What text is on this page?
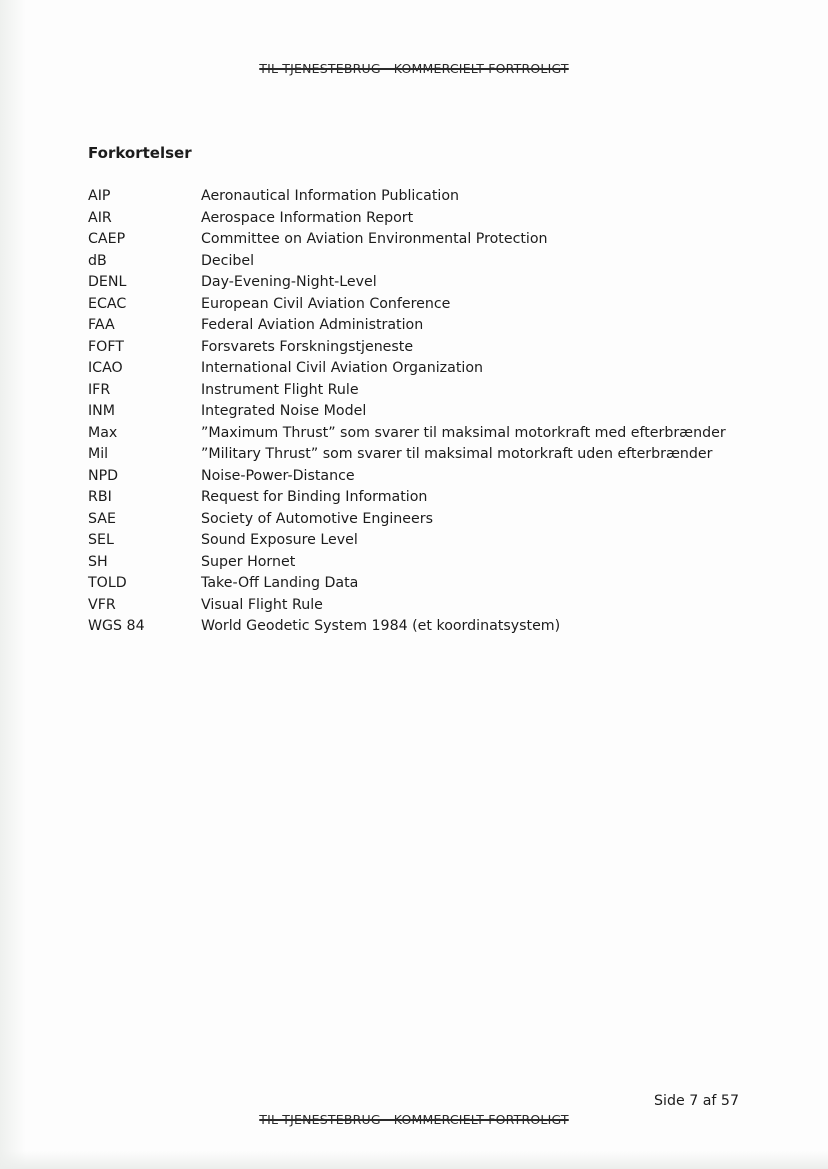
TIL TJENESTEBRUG - KOMMERCIELT FORTROLIGT
Forkortelser
AIP	Aeronautical Information Publication
AIR	Aerospace Information Report
CAEP	Committee on Aviation Environmental Protection
dB	Decibel
DENL	Day-Evening-Night-Level
ECAC	European Civil Aviation Conference
FAA	Federal Aviation Administration
FOFT	Forsvarets Forskningstjeneste
ICAO	International Civil Aviation Organization
IFR	Instrument Flight Rule
INM	Integrated Noise Model
Max	”Maximum Thrust” som svarer til maksimal motorkraft med efterbrænder
Mil	”Military Thrust” som svarer til maksimal motorkraft uden efterbrænder
NPD	Noise-Power-Distance
RBI	Request for Binding Information
SAE	Society of Automotive Engineers
SEL	Sound Exposure Level
SH	Super Hornet
TOLD	Take-Off Landing Data
VFR	Visual Flight Rule
WGS 84	World Geodetic System 1984 (et koordinatsystem)
Side 7 af 57
TIL TJENESTEBRUG - KOMMERCIELT FORTROLIGT
